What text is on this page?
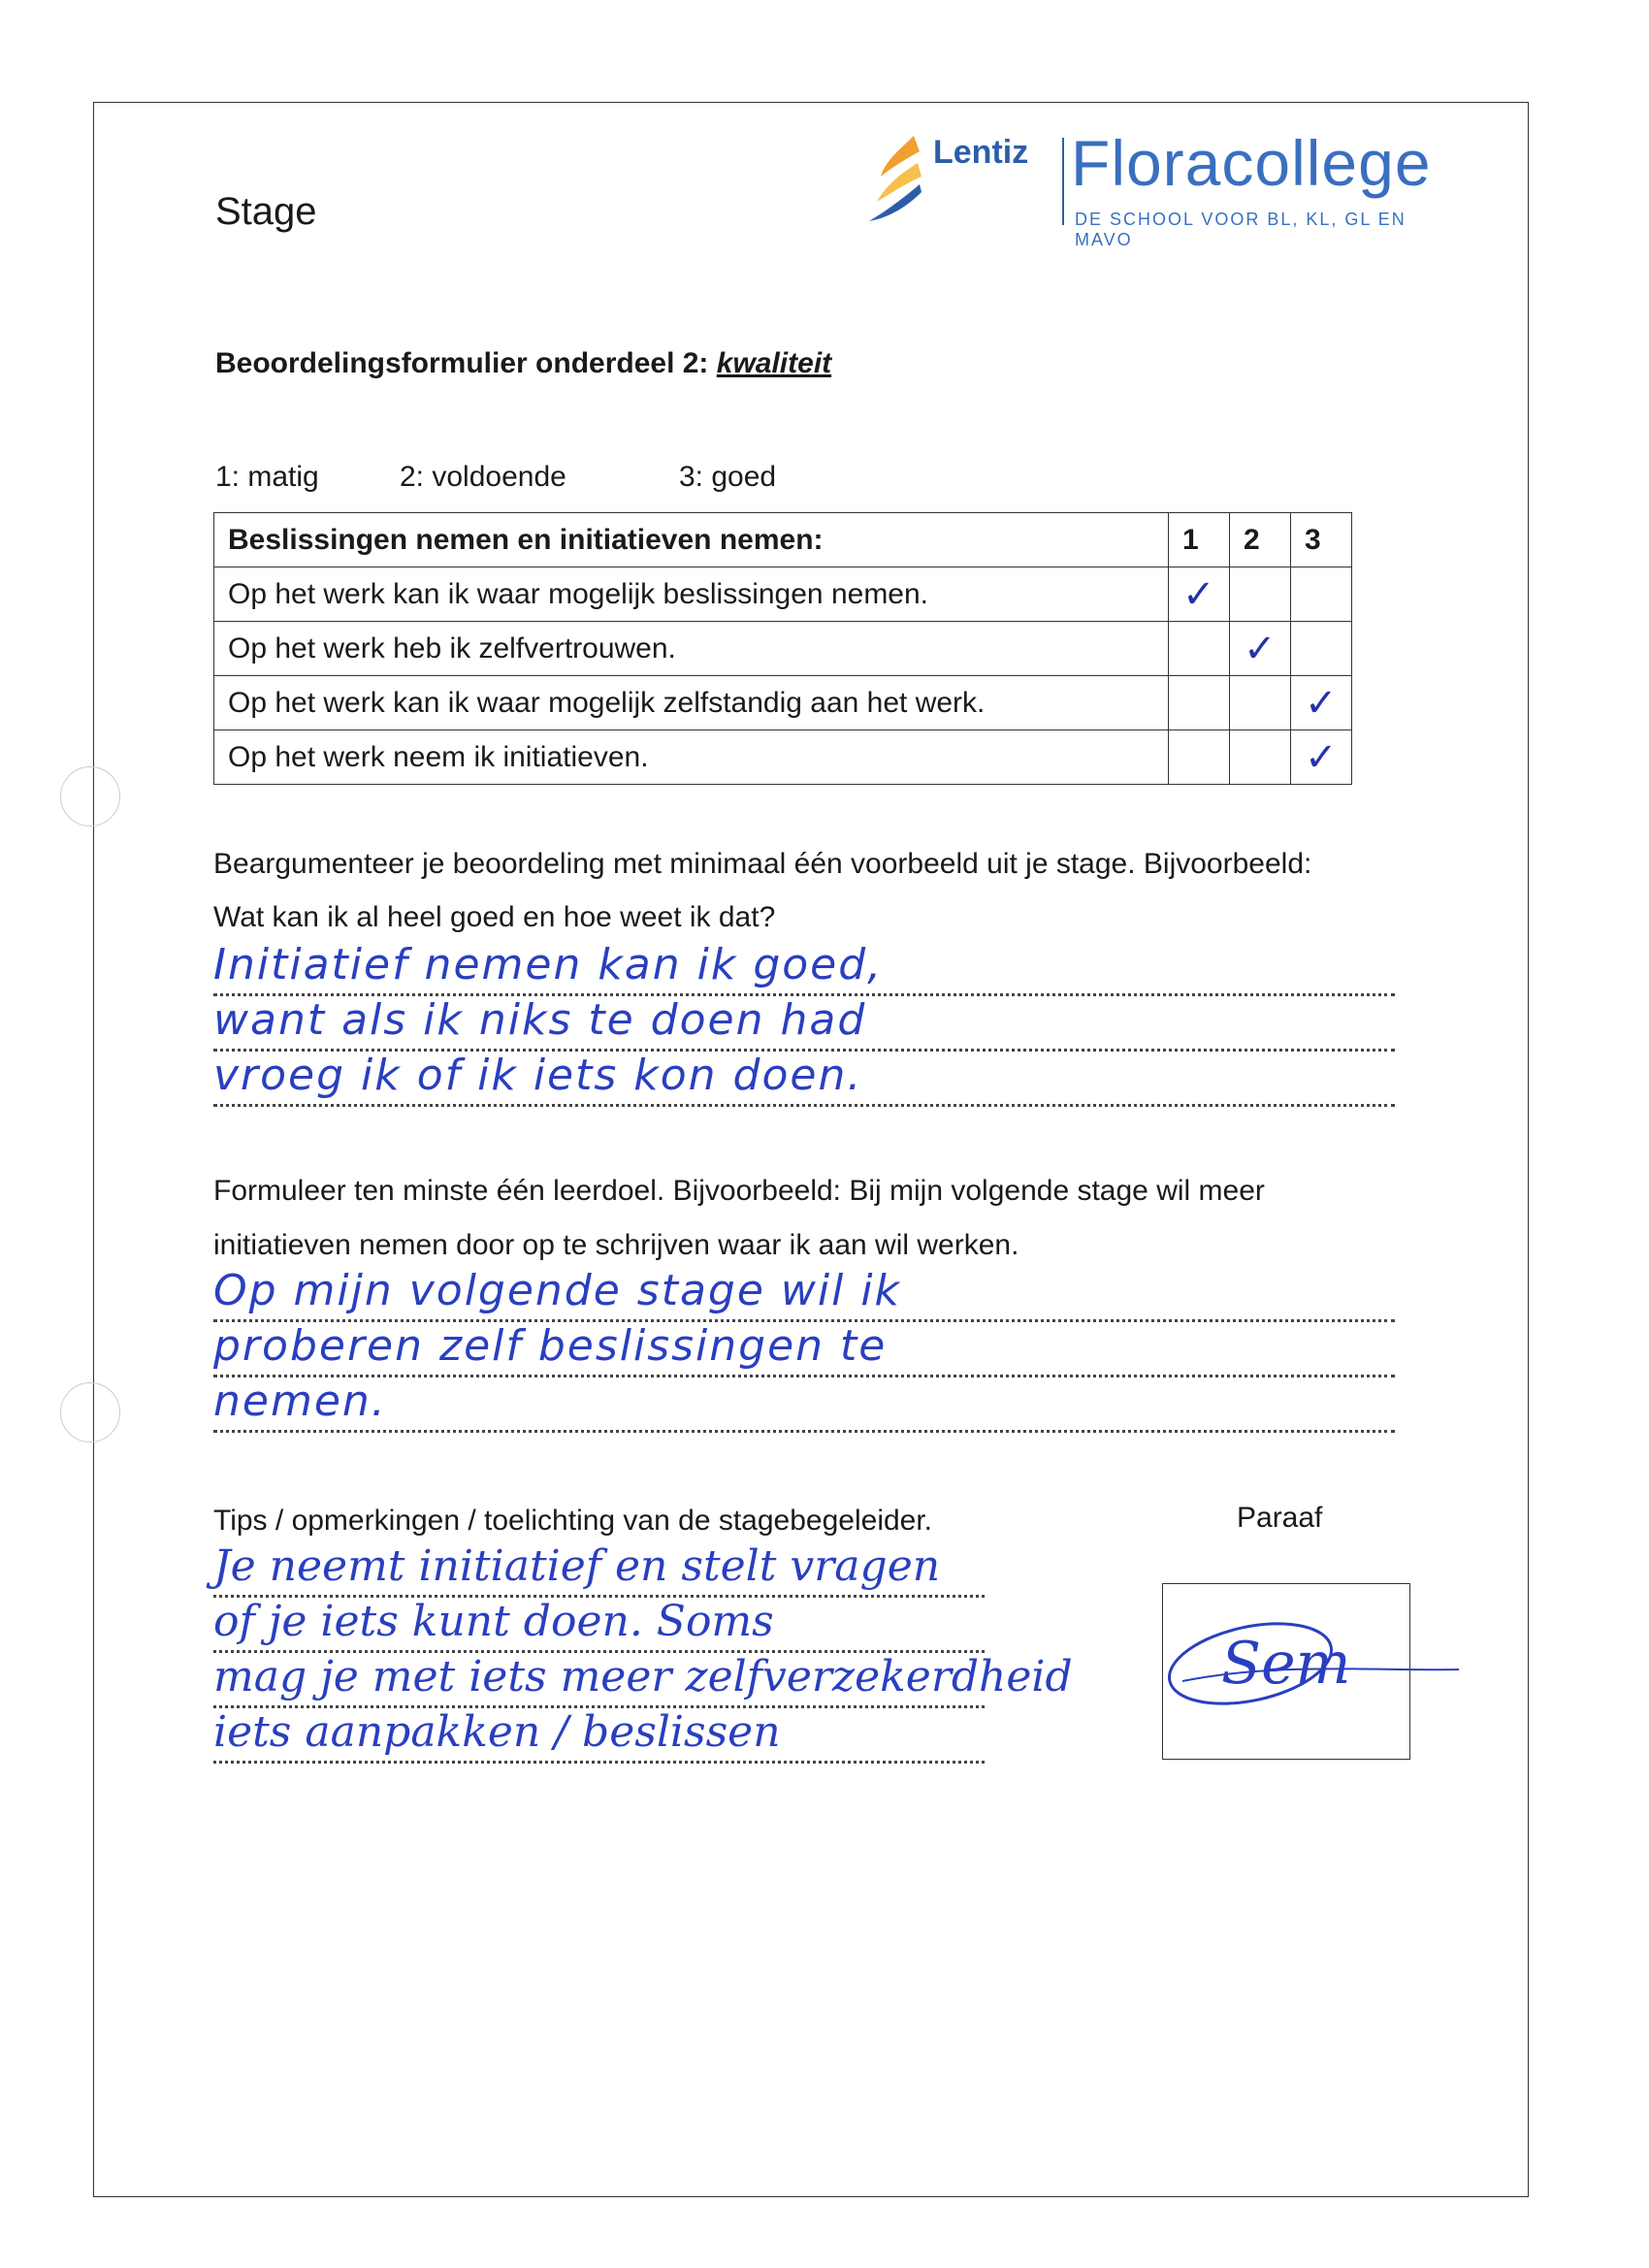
Stage
Lentiz Floracollege
DE SCHOOL VOOR BL, KL, GL EN MAVO
Beoordelingsformulier onderdeel 2: kwaliteit
1: matig	2: voldoende	3: goed
Beslissingen nemen en initiatieven nemen:	1	2	3
Op het werk kan ik waar mogelijk beslissingen nemen.	✓		
Op het werk heb ik zelfvertrouwen.		✓	
Op het werk kan ik waar mogelijk zelfstandig aan het werk.			✓
Op het werk neem ik initiatieven.			✓
Beargumenteer je beoordeling met minimaal één voorbeeld uit je stage. Bijvoorbeeld:
Wat kan ik al heel goed en hoe weet ik dat?
Initiatief nemen kan ik goed,
want als ik niks te doen had
vroeg ik of ik iets kon doen.
Formuleer ten minste één leerdoel. Bijvoorbeeld: Bij mijn volgende stage wil meer
initiatieven nemen door op te schrijven waar ik aan wil werken.
Op mijn volgende stage wil ik
proberen zelf beslissingen te
nemen.
Tips / opmerkingen / toelichting van de stagebegeleider.	Paraaf
Je neemt initiatief en stelt vragen
of je iets kunt doen. Soms
mag je met iets meer zelfverzekerdheid
iets aanpakken / beslissen
Sem
